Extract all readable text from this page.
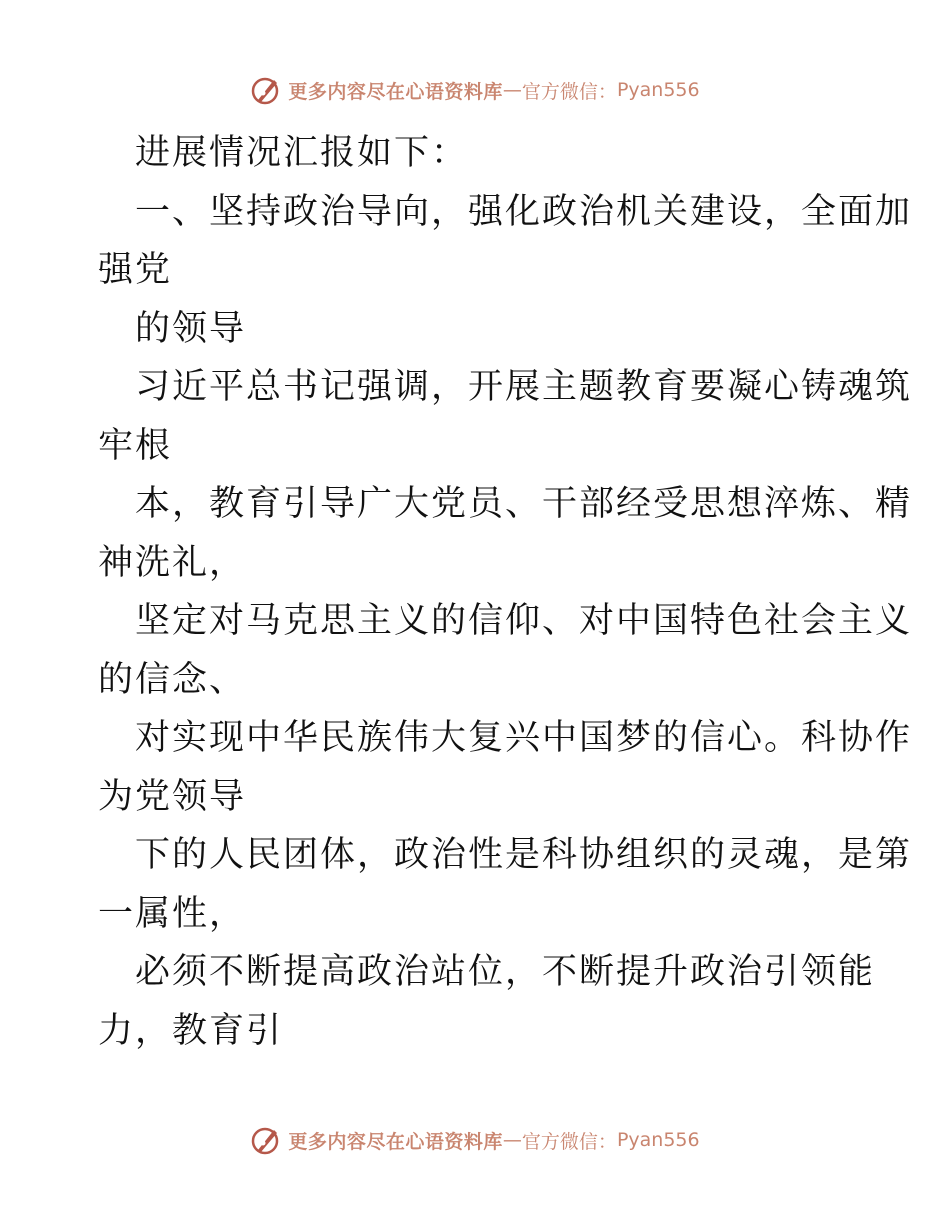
更多内容尽在心语资料库 — 官方微信： Pyan556
进展情况汇报如下：
一、坚持政治导向，强化政治机关建设，全面加
强党
的领导
习近平总书记强调，开展主题教育要凝心铸魂筑
牢根
本，教育引导广大党员、干部经受思想淬炼、精
神洗礼，
坚定对马克思主义的信仰、对中国特色社会主义
的信念、
对实现中华民族伟大复兴中国梦的信心。科协作
为党领导
下的人民团体，政治性是科协组织的灵魂，是第
一属性，
必须不断提高政治站位，不断提升政治引领能
力，教育引
更多内容尽在心语资料库 — 官方微信： Pyan556
